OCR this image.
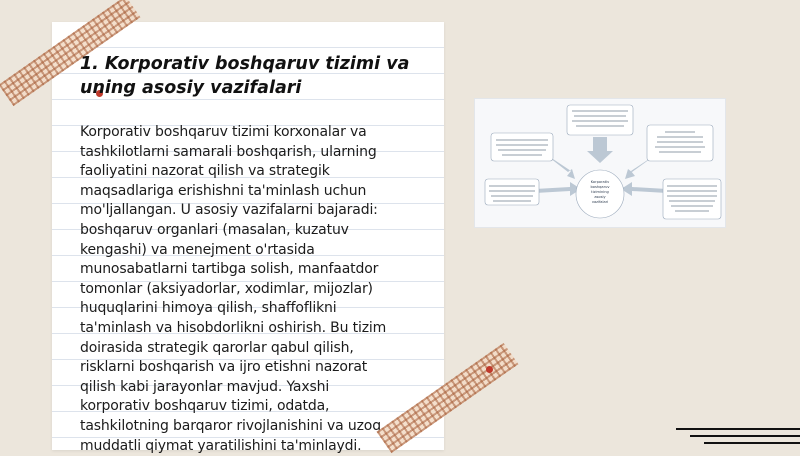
1. Korporativ boshqaruv tizimi va
uning asosiy vazifalari
Korporativ boshqaruv tizimi korxonalar va
tashkilotlarni samarali boshqarish, ularning
faoliyatini nazorat qilish va strategik
maqsadlariga erishishni ta'minlash uchun
mo'ljallangan. U asosiy vazifalarni bajaradi:
boshqaruv organlari (masalan, kuzatuv
kengashi) va menejment o'rtasida
munosabatlarni tartibga solish, manfaatdor
tomonlar (aksiyadorlar, xodimlar, mijozlar)
huquqlarini himoya qilish, shaffoflikni
ta'minlash va hisobdorlikni oshirish. Bu tizim
doirasida strategik qarorlar qabul qilish,
risklarni boshqarish va ijro etishni nazorat
qilish kabi jarayonlar mavjud. Yaxshi
korporativ boshqaruv tizimi, odatda,
tashkilotning barqaror rivojlanishini va uzoq
muddatli qiymat yaratilishini ta'minlaydi.
Korporativ
boshqaruv
tizimining
asosiy
vazifalari
